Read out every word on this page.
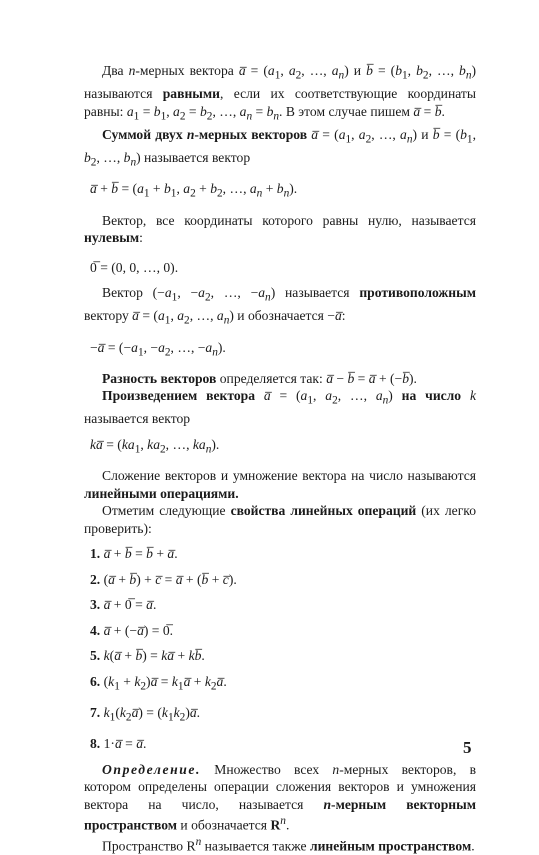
Два n-мерных вектора a̅ = ($a_1$, $a_2$, …, $a_n$) и b̅ = ($b_1$, $b_2$, …, $b_n$) называются равными, если их соответствующие координаты равны: $a_1 = b_1$, $a_2 = b_2$, …, $a_n = b_n$. В этом случае пишем a̅ = b̅.

Суммой двух n-мерных векторов a̅ = ($a_1$, $a_2$, …, $a_n$) и b̅ = ($b_1$, $b_2$, …, $b_n$) называется вектор

a̅ + b̅ = ($a_1 + b_1$, $a_2 + b_2$, …, $a_n + b_n$).

Вектор, все координаты которого равны нулю, называется нулевым:

0̅ = (0, 0, …, 0).

Вектор ($-a_1$, $-a_2$, …, $-a_n$) называется противоположным вектору a̅ = ($a_1$, $a_2$, …, $a_n$) и обозначается −a̅:

−a̅ = ($-a_1$, $-a_2$, …, $-a_n$).

Разность векторов определяется так: a̅ − b̅ = a̅ + (−b̅).

Произведением вектора a̅ = ($a_1$, $a_2$, …, $a_n$) на число k называется вектор

ka̅ = ($ka_1$, $ka_2$, …, $ka_n$).

Сложение векторов и умножение вектора на число называются линейными операциями.

Отметим следующие свойства линейных операций (их легко проверить):

1. a̅ + b̅ = b̅ + a̅.
2. (a̅ + b̅) + c̅ = a̅ + (b̅ + c̅).
3. a̅ + 0̅ = a̅.
4. a̅ + (−a̅) = 0̅.
5. k(a̅ + b̅) = ka̅ + kb̅.
6. ($k_1$ + $k_2)a̅$ = $k_1a̅$ + $k_2a̅$.
7. $k_1(k_2a̅)$ = $(k_1k_2)a̅$.
8. 1·a̅ = a̅.

Определение. Множество всех n-мерных векторов, в котором определены операции сложения векторов и умножения вектора на число, называется n-мерным векторным пространством и обозначается $R^n$.

Пространство $R^n$ называется также линейным пространством.

5
